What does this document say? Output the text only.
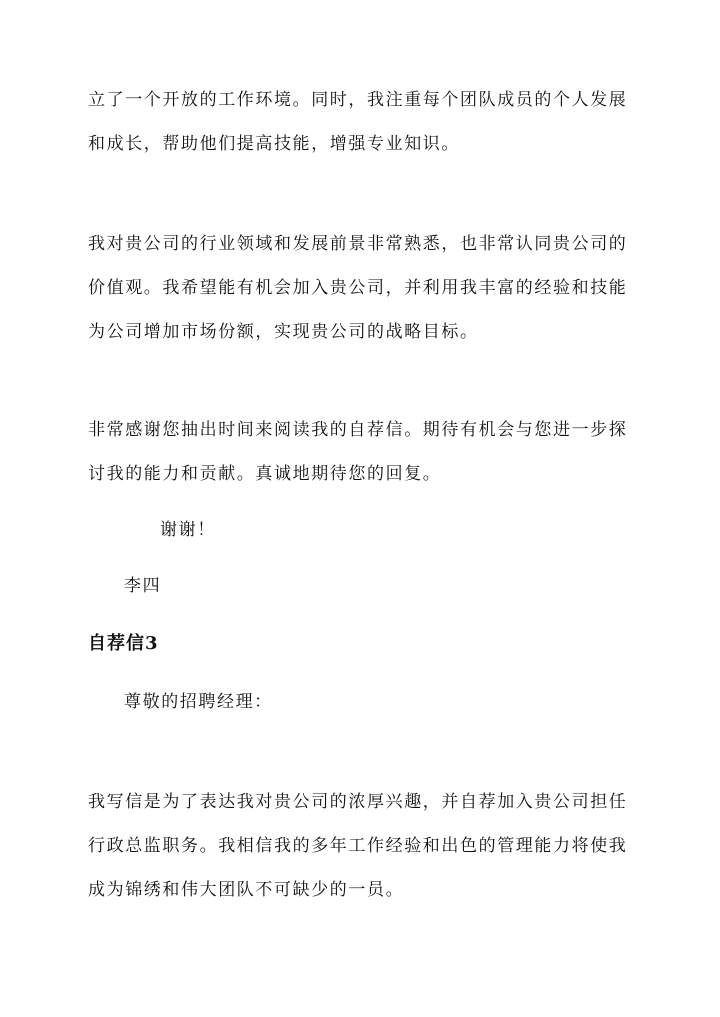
立了一个开放的工作环境。同时，我注重每个团队成员的个人发展
和成长，帮助他们提高技能，增强专业知识。
我对贵公司的行业领域和发展前景非常熟悉，也非常认同贵公司的
价值观。我希望能有机会加入贵公司，并利用我丰富的经验和技能
为公司增加市场份额，实现贵公司的战略目标。
非常感谢您抽出时间来阅读我的自荐信。期待有机会与您进一步探
讨我的能力和贡献。真诚地期待您的回复。
谢谢！
李四
自荐信3
尊敬的招聘经理：
我写信是为了表达我对贵公司的浓厚兴趣，并自荐加入贵公司担任
行政总监职务。我相信我的多年工作经验和出色的管理能力将使我
成为锦绣和伟大团队不可缺少的一员。
